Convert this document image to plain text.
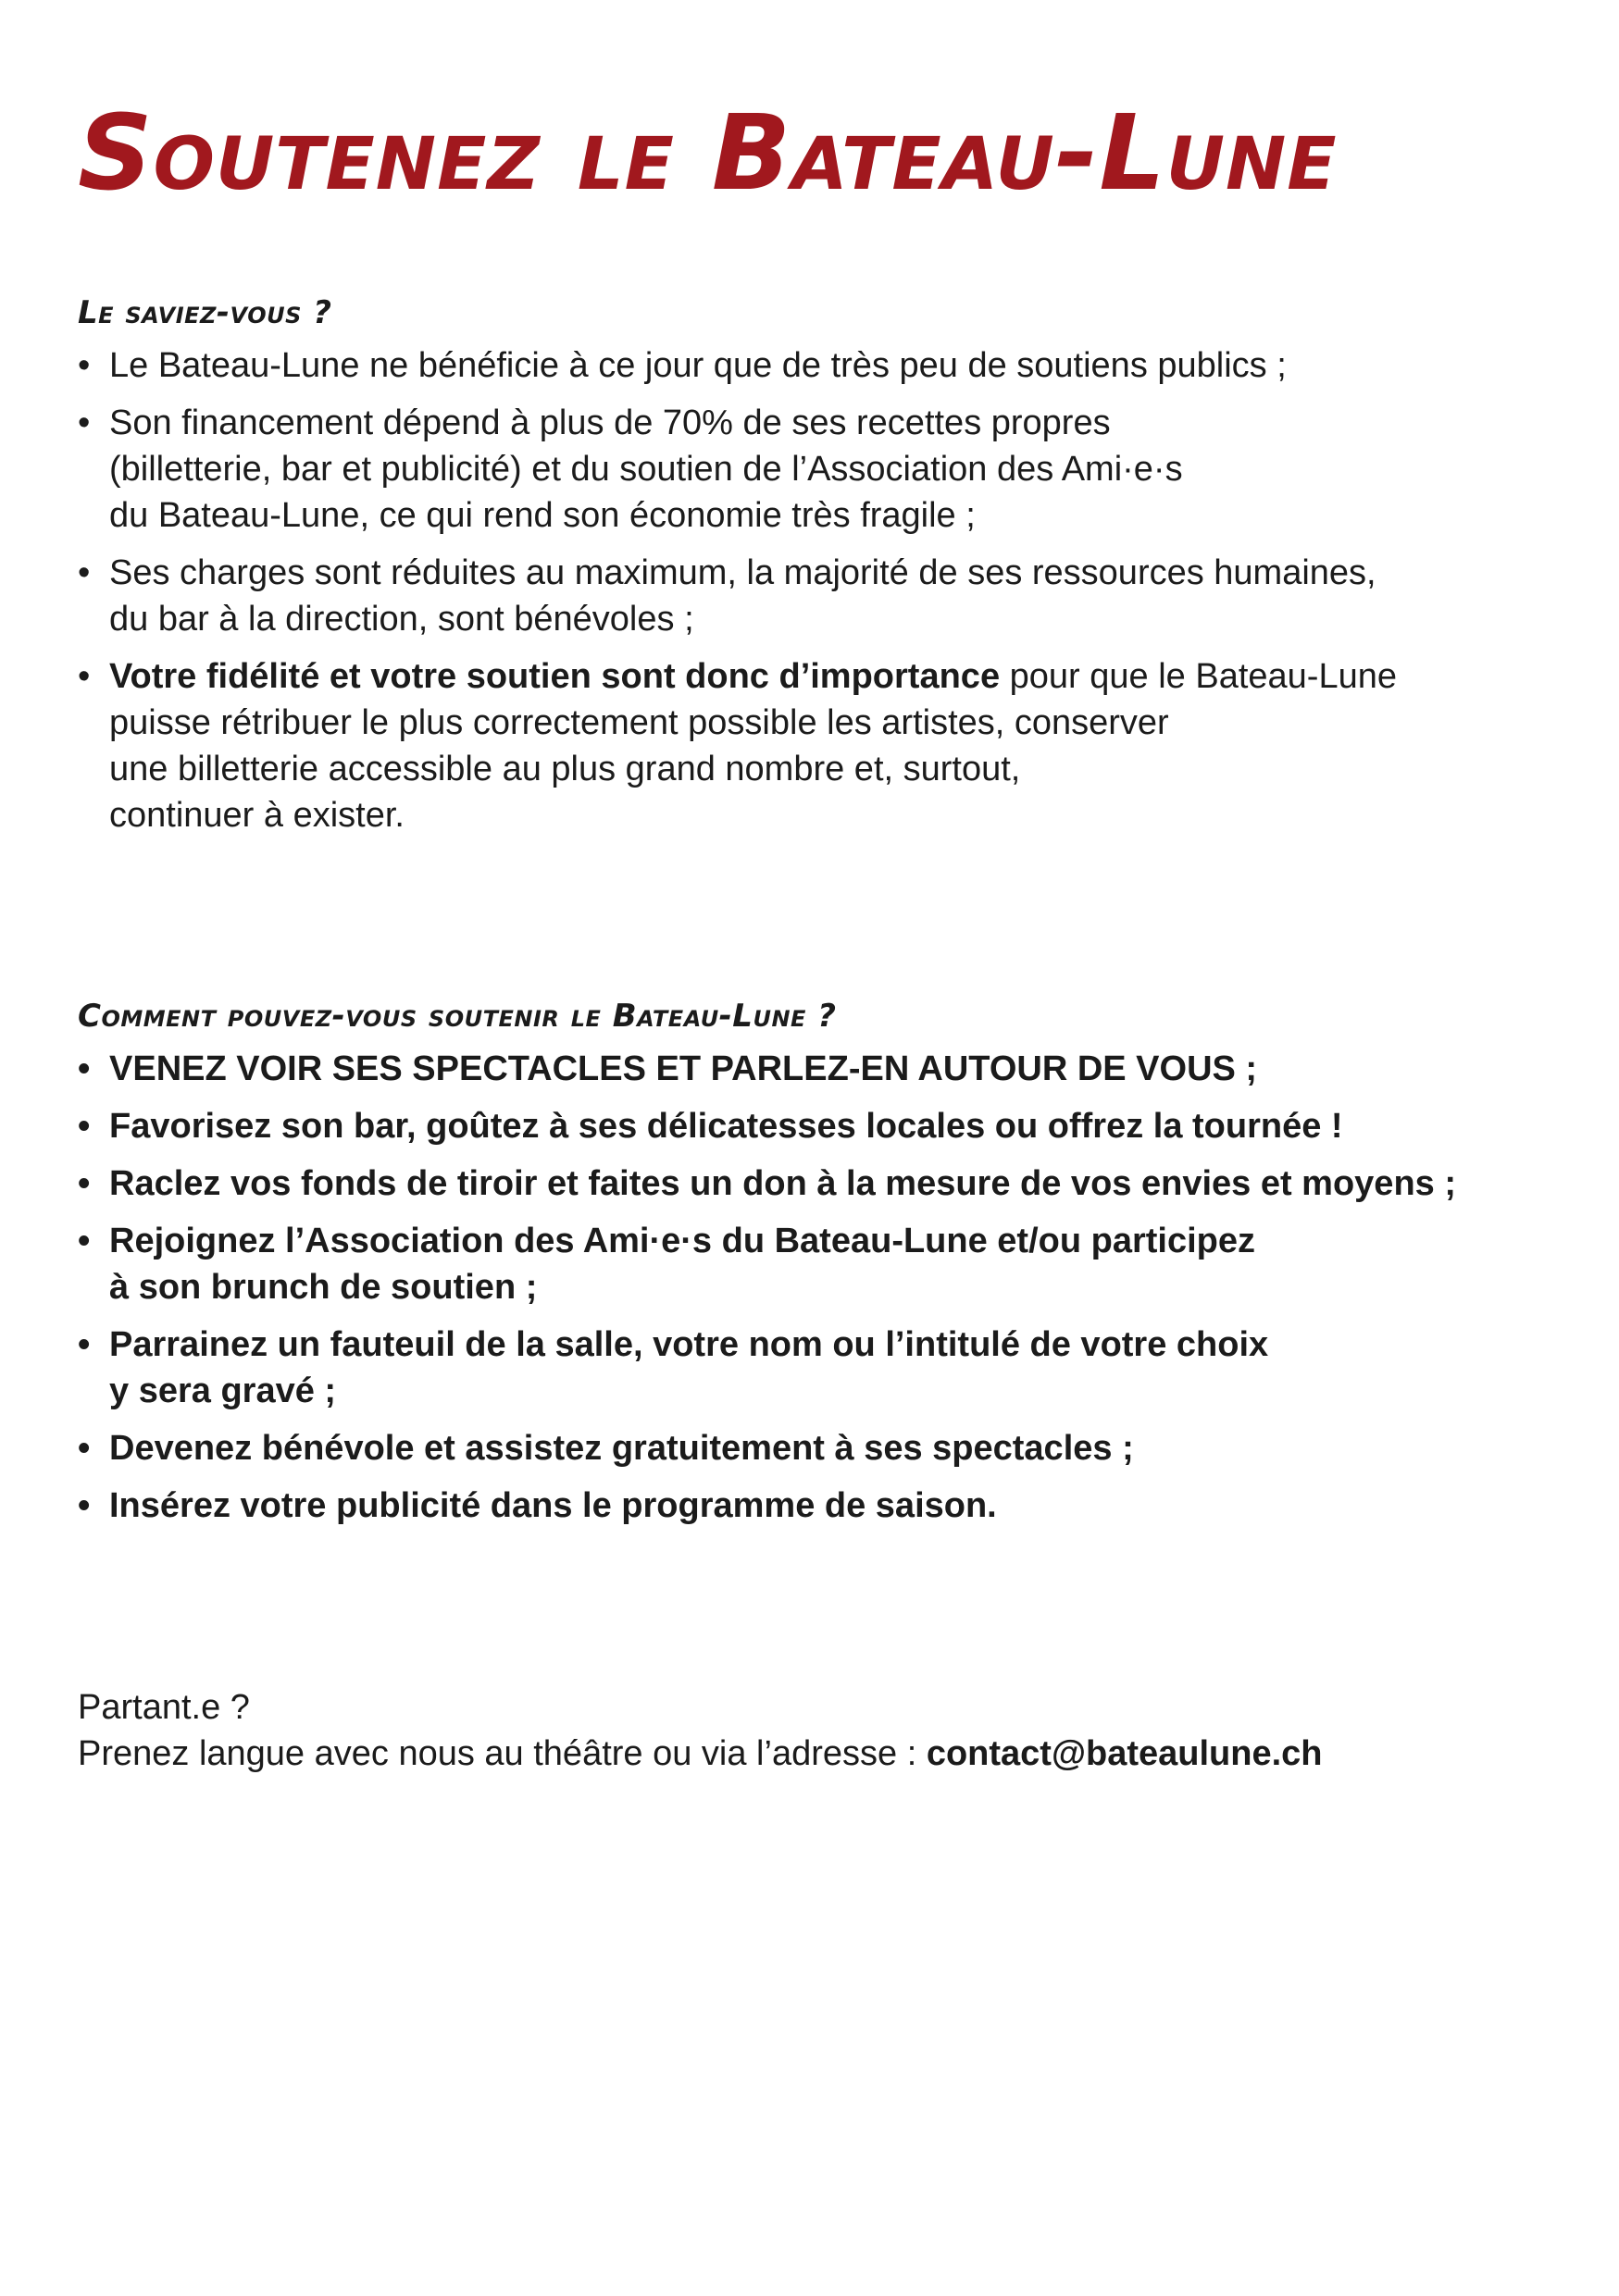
Soutenez le Bateau-Lune
Le saviez-vous ?
• Le Bateau-Lune ne bénéficie à ce jour que de très peu de soutiens publics ;
• Son financement dépend à plus de 70% de ses recettes propres
(billetterie, bar et publicité) et du soutien de l’Association des Ami·e·s
du Bateau-Lune, ce qui rend son économie très fragile ;
• Ses charges sont réduites au maximum, la majorité de ses ressources humaines,
du bar à la direction, sont bénévoles ;
• Votre fidélité et votre soutien sont donc d’importance pour que le Bateau-Lune
puisse rétribuer le plus correctement possible les artistes, conserver
une billetterie accessible au plus grand nombre et, surtout,
continuer à exister.
Comment pouvez-vous soutenir le Bateau-Lune ?
• VENEZ VOIR SES SPECTACLES ET PARLEZ-EN AUTOUR DE VOUS ;
• Favorisez son bar, goûtez à ses délicatesses locales ou offrez la tournée !
• Raclez vos fonds de tiroir et faites un don à la mesure de vos envies et moyens ;
• Rejoignez l’Association des Ami·e·s du Bateau-Lune et/ou participez
à son brunch de soutien ;
• Parrainez un fauteuil de la salle, votre nom ou l’intitulé de votre choix
y sera gravé ;
• Devenez bénévole et assistez gratuitement à ses spectacles ;
• Insérez votre publicité dans le programme de saison.
Partant.e ?
Prenez langue avec nous au théâtre ou via l’adresse : contact@bateaulune.ch
